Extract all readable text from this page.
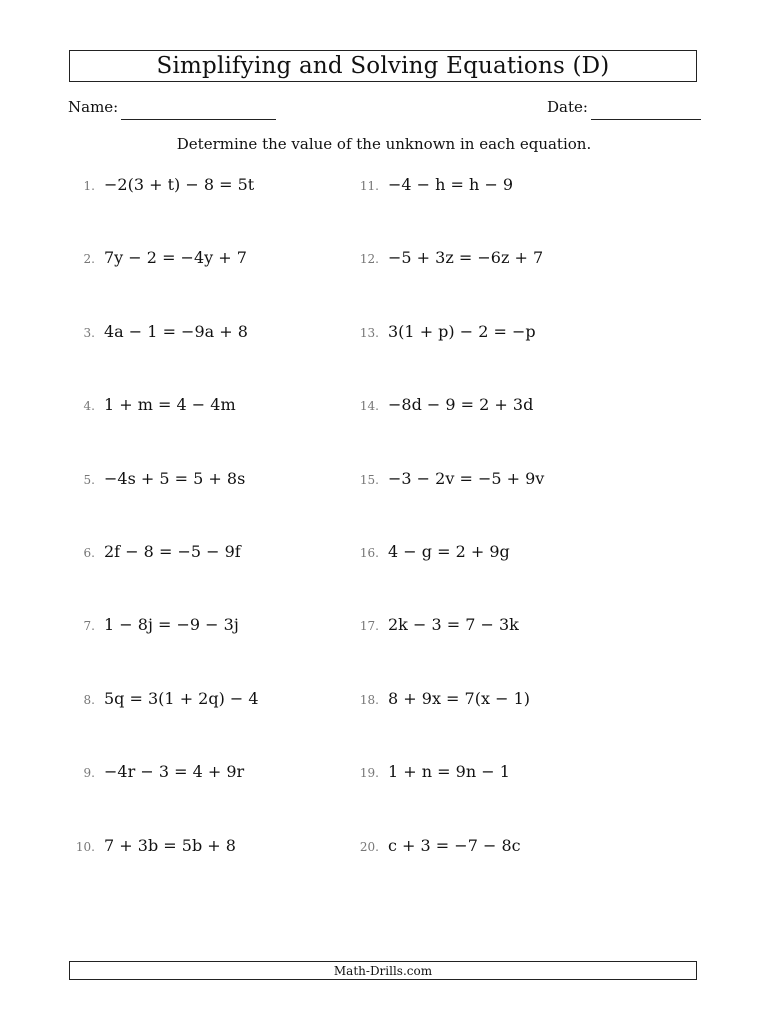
Simplifying and Solving Equations (D)
Name:	Date:
Determine the value of the unknown in each equation.
1. −2(3 + t) − 8 = 5t
2. 7y − 2 = −4y + 7
3. 4a − 1 = −9a + 8
4. 1 + m = 4 − 4m
5. −4s + 5 = 5 + 8s
6. 2f − 8 = −5 − 9f
7. 1 − 8j = −9 − 3j
8. 5q = 3(1 + 2q) − 4
9. −4r − 3 = 4 + 9r
10. 7 + 3b = 5b + 8
11. −4 − h = h − 9
12. −5 + 3z = −6z + 7
13. 3(1 + p) − 2 = −p
14. −8d − 9 = 2 + 3d
15. −3 − 2v = −5 + 9v
16. 4 − g = 2 + 9g
17. 2k − 3 = 7 − 3k
18. 8 + 9x = 7(x − 1)
19. 1 + n = 9n − 1
20. c + 3 = −7 − 8c
Math-Drills.com
